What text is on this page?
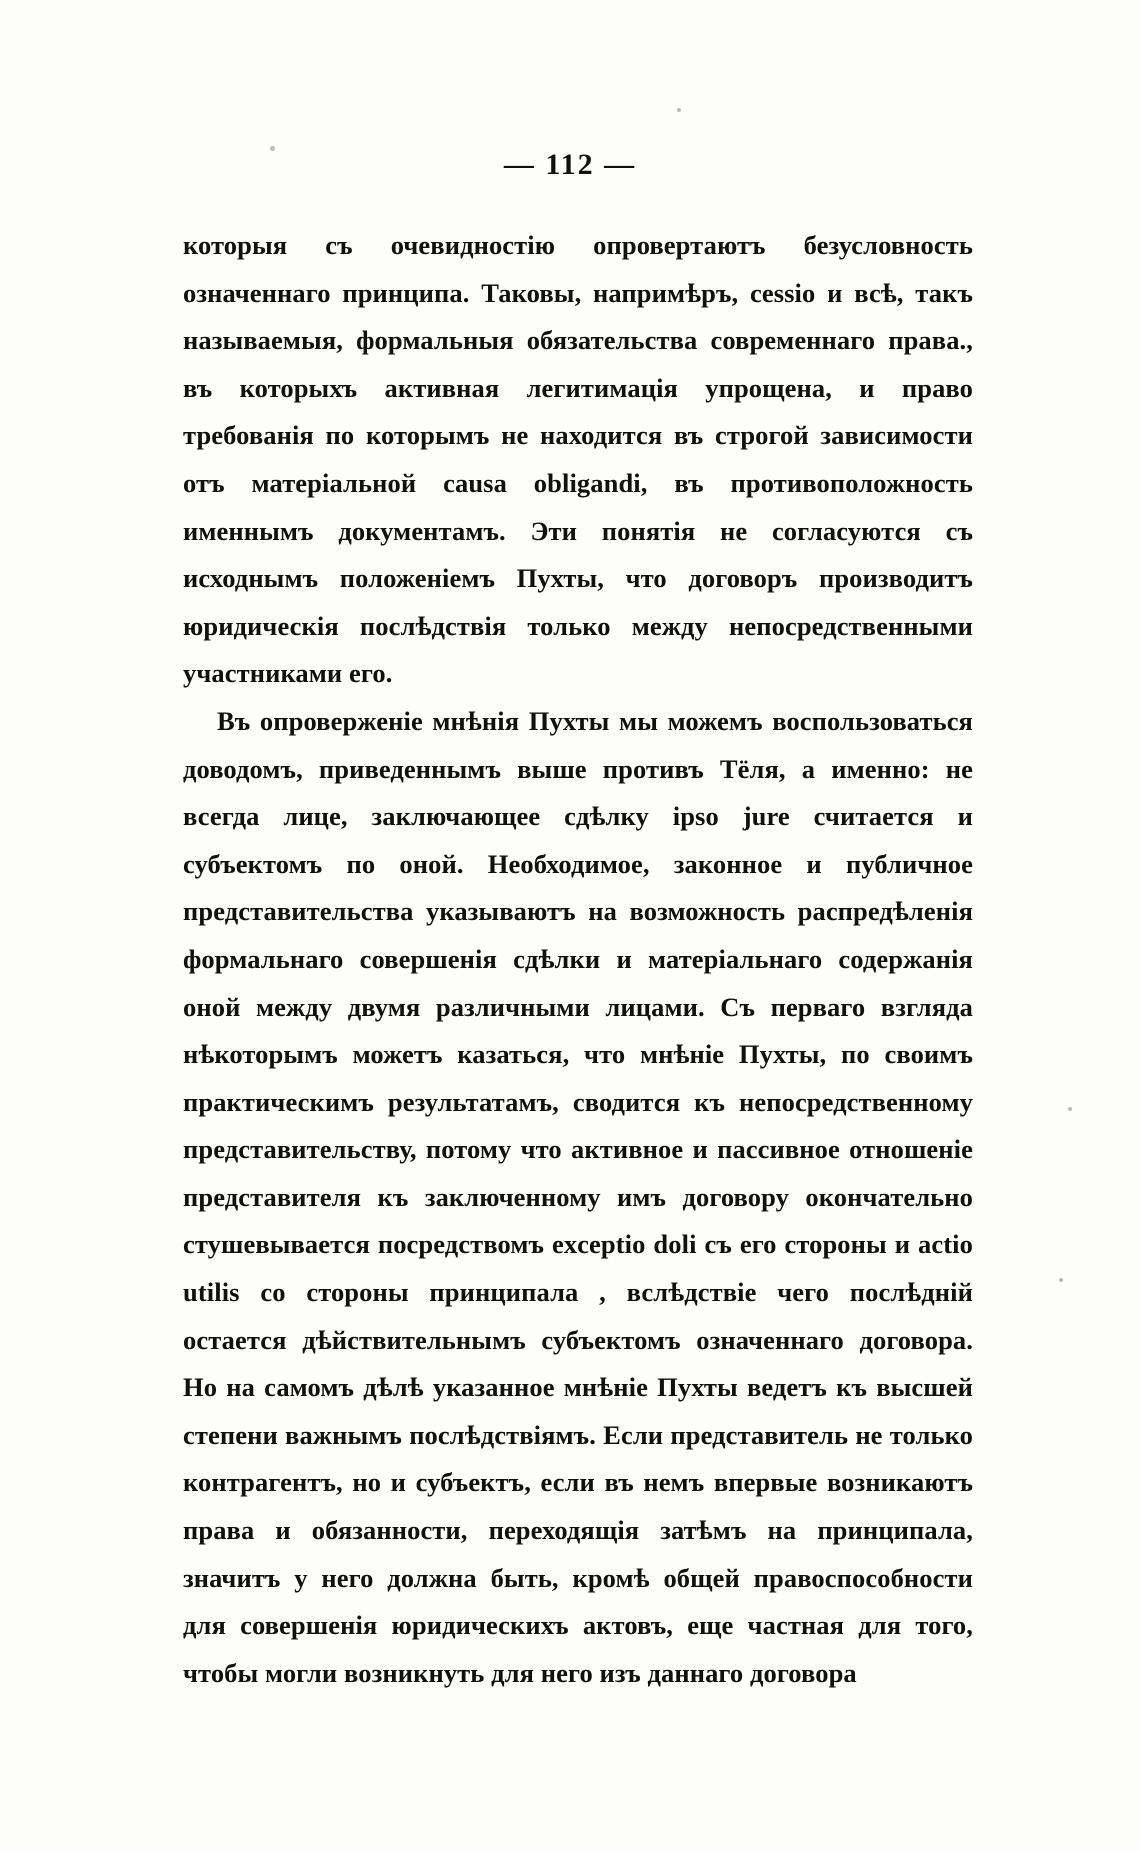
— 112 —

которыя съ очевидностію опровертаютъ безусловность означеннаго принципа. Таковы, напримѣръ, cessio и всѣ, такъ называемыя, формальныя обязательства современнаго права., въ которыхъ активная легитимація упрощена, и право требованія по которымъ не находится въ строгой зависимости отъ матеріальной causa obligandi, въ противоположность именнымъ документамъ. Эти понятія не согласуются съ исходнымъ положеніемъ Пухты, что договоръ производитъ юридическія послѣдствія только между непосредственными участниками его.

Въ опроверженіе мнѣнія Пухты мы можемъ воспользоваться доводомъ, приведеннымъ выше противъ Тёля, а именно: не всегда лице, заключающее сдѣлку ipso jure считается и субъектомъ по оной. Необходимое, законное и публичное представительства указываютъ на возможность распредѣленія формальнаго совершенія сдѣлки и матеріальнаго содержанія оной между двумя различными лицами. Съ перваго взгляда нѣкоторымъ можетъ казаться, что мнѣніе Пухты, по своимъ практическимъ результатамъ, сводится къ непосредственному представительству, потому что активное и пассивное отношеніе представителя къ заключенному имъ договору окончательно стушевывается посредствомъ exceptio doli съ его стороны и actio utilis со стороны принципала , вслѣдствіе чего послѣдній остается дѣйствительнымъ субъектомъ означеннаго договора. Но на самомъ дѣлѣ указанное мнѣніе Пухты ведетъ къ высшей степени важнымъ послѣдствіямъ. Если представитель не только контрагентъ, но и субъектъ, если въ немъ впервые возникаютъ права и обязанности, переходящія затѣмъ на принципала, значитъ у него должна быть, кромѣ общей правоспособности для совершенія юридическихъ актовъ, еще частная для того, чтобы могли возникнуть для него изъ даннаго договора
